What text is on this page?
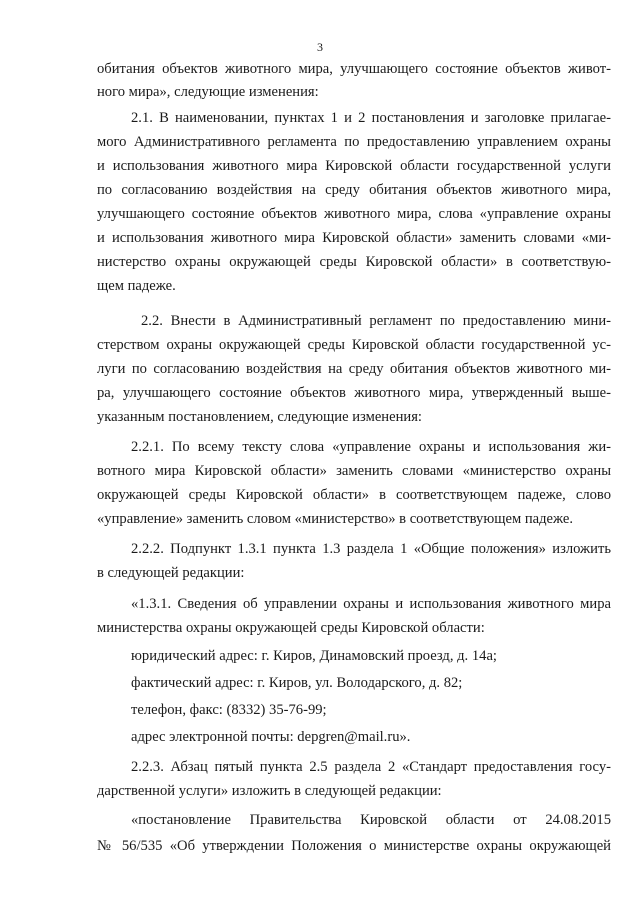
3
обитания объектов животного мира, улучшающего состояние объектов живот-
ного мира», следующие изменения:
2.1. В наименовании, пунктах 1 и 2 постановления и заголовке прилагае-
мого Административного регламента по предоставлению управлением охраны
и использования животного мира Кировской области государственной услуги
по согласованию воздействия на среду обитания объектов животного мира,
улучшающего состояние объектов животного мира, слова «управление охраны
и использования животного мира Кировской области» заменить словами «ми-
нистерство охраны окружающей среды Кировской области» в соответствую-
щем падеже.
2.2. Внести в Административный регламент по предоставлению мини-
стерством охраны окружающей среды Кировской области государственной ус-
луги по согласованию воздействия на среду обитания объектов животного ми-
ра, улучшающего состояние объектов животного мира, утвержденный выше-
указанным постановлением, следующие изменения:
2.2.1. По всему тексту слова «управление охраны и использования жи-
вотного мира Кировской области» заменить словами «министерство охраны
окружающей среды Кировской области» в соответствующем падеже, слово
«управление» заменить словом «министерство» в соответствующем падеже.
2.2.2. Подпункт 1.3.1 пункта 1.3 раздела 1 «Общие положения» изложить
в следующей редакции:
«1.3.1. Сведения об управлении охраны и использования животного мира
министерства охраны окружающей среды Кировской области:
юридический адрес: г. Киров, Динамовский проезд, д. 14а;
фактический адрес: г. Киров, ул. Володарского, д. 82;
телефон, факс: (8332) 35-76-99;
адрес электронной почты: depgren@mail.ru».
2.2.3. Абзац пятый пункта 2.5 раздела 2 «Стандарт предоставления госу-
дарственной услуги» изложить в следующей редакции:
«постановление Правительства Кировской области от 24.08.2015
№ 56/535 «Об утверждении Положения о министерстве охраны окружающей
